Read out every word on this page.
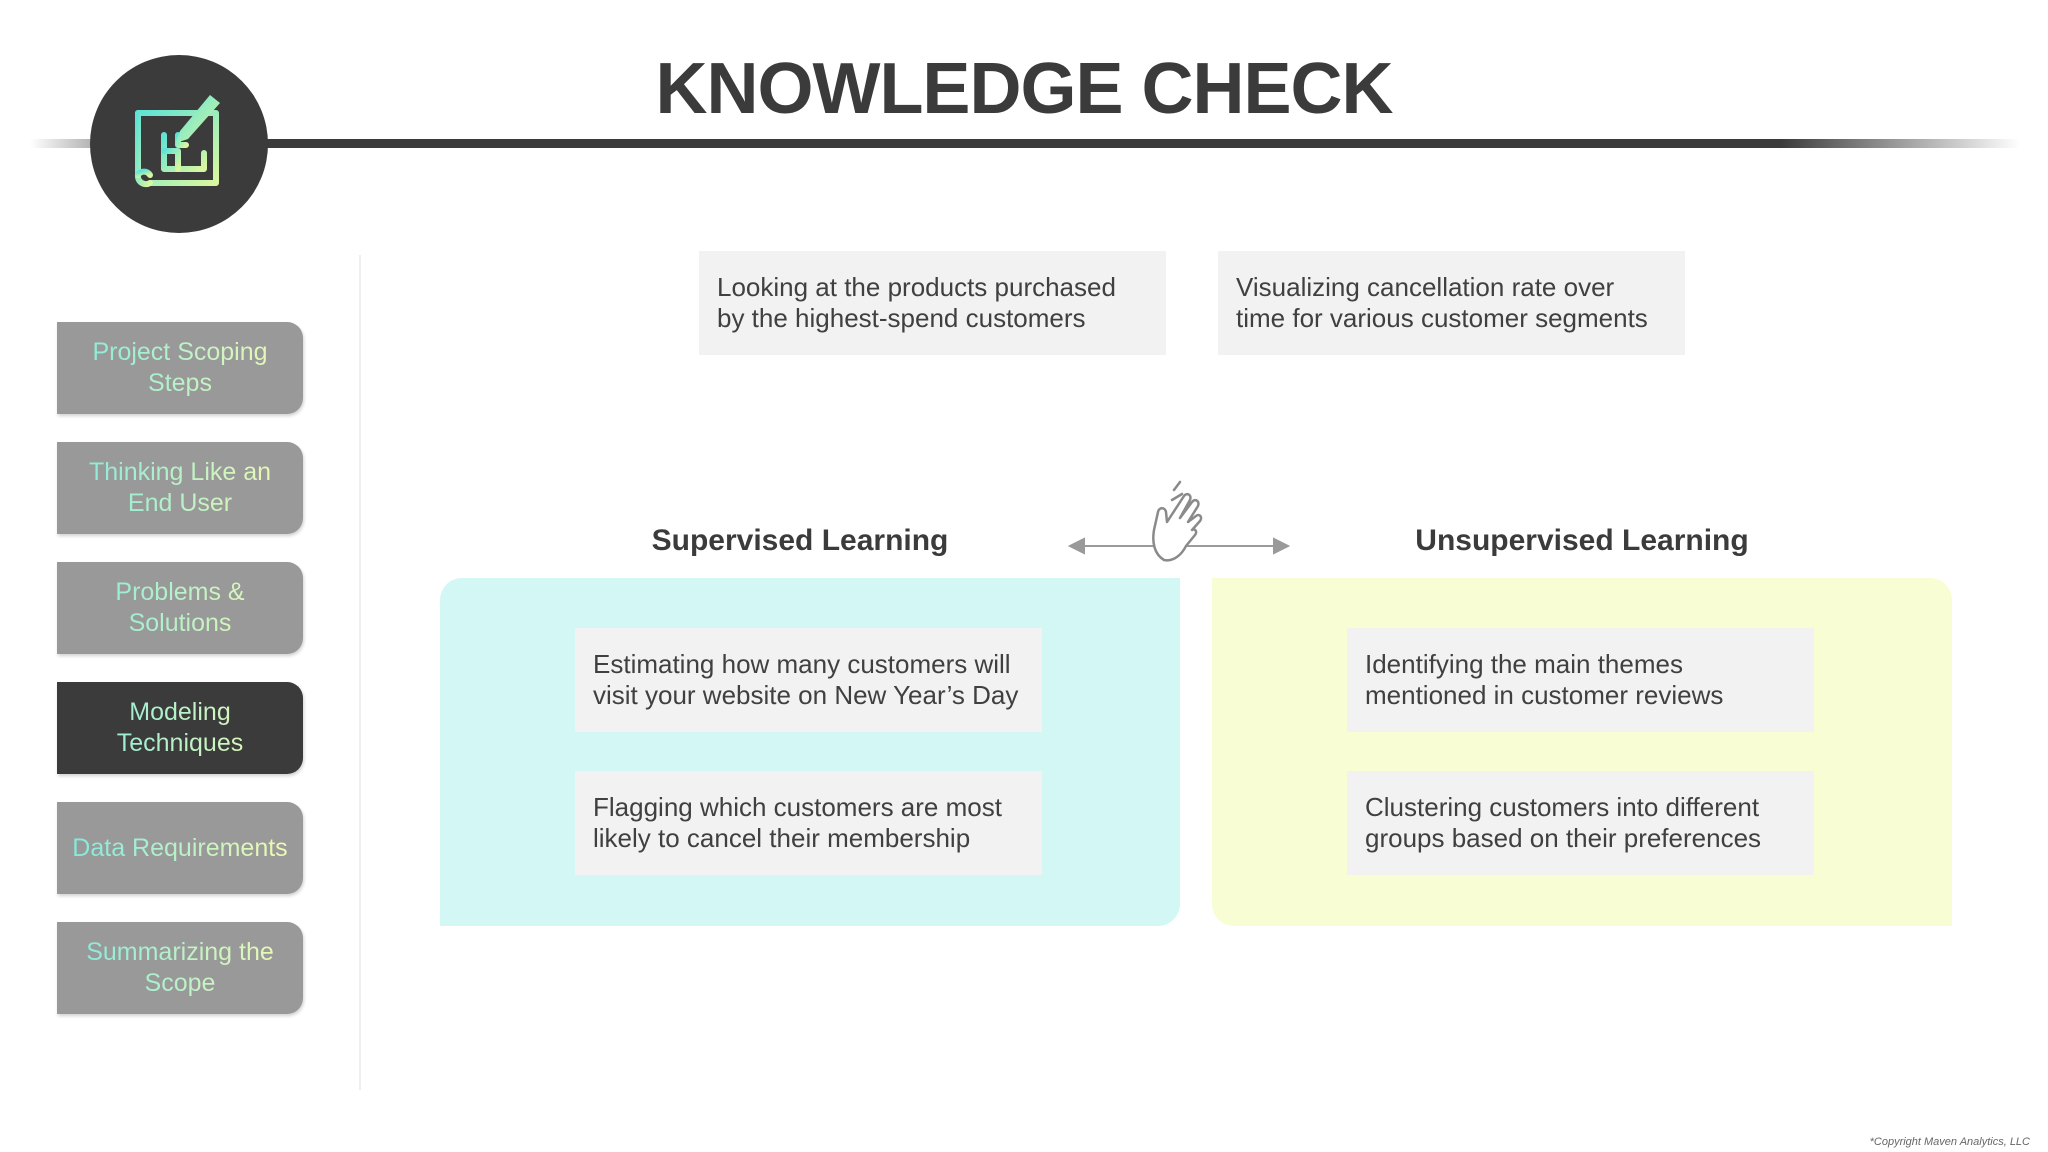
KNOWLEDGE CHECK
Project Scoping Steps
Thinking Like an End User
Problems & Solutions
Modeling Techniques
Data Requirements
Summarizing the Scope
Looking at the products purchased by the highest-spend customers
Visualizing cancellation rate over time for various customer segments
Supervised Learning	Unsupervised Learning
Estimating how many customers will visit your website on New Year’s Day
Flagging which customers are most likely to cancel their membership
Identifying the main themes mentioned in customer reviews
Clustering customers into different groups based on their preferences
*Copyright Maven Analytics, LLC
